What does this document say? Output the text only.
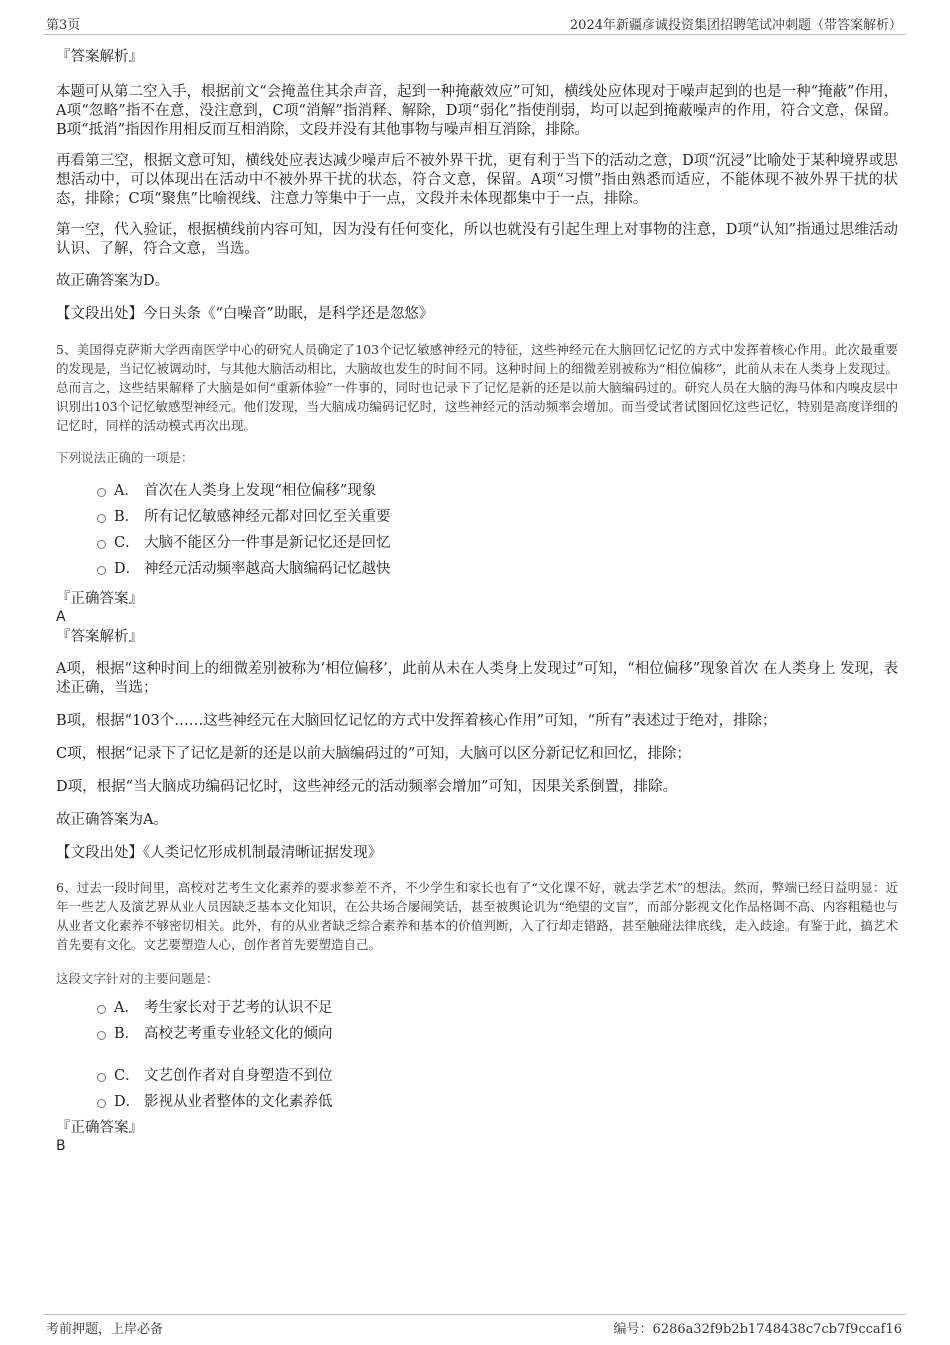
第3页	2024年新疆彦诚投资集团招聘笔试冲刺题（带答案解析）
『答案解析』

本题可从第二空入手，根据前文“会掩盖住其余声音，起到一种掩蔽效应”可知，横线处应体现对于噪声起到的也是一种“掩蔽”作用，A项“忽略”指不在意，没注意到，C项“消解”指消释、解除，D项“弱化”指使削弱，均可以起到掩蔽噪声的作用，符合文意，保留。B项“抵消”指因作用相反而互相消除，文段并没有其他事物与噪声相互消除，排除。

再看第三空，根据文意可知，横线处应表达减少噪声后不被外界干扰，更有利于当下的活动之意，D项“沉浸”比喻处于某种境界或思想活动中，可以体现出在活动中不被外界干扰的状态，符合文意，保留。A项“习惯”指由熟悉而适应，不能体现不被外界干扰的状态，排除；C项“聚焦”比喻视线、注意力等集中于一点，文段并未体现都集中于一点，排除。

第一空，代入验证，根据横线前内容可知，因为没有任何变化，所以也就没有引起生理上对事物的注意，D项“认知”指通过思维活动认识、了解，符合文意，当选。

故正确答案为D。

【文段出处】今日头条《“白噪音”助眠，是科学还是忽悠》

5、美国得克萨斯大学西南医学中心的研究人员确定了103个记忆敏感神经元的特征，这些神经元在大脑回忆记忆的方式中发挥着核心作用。此次最重要的发现是，当记忆被调动时，与其他大脑活动相比，大脑故也发生的时间不同。这种时间上的细微差别被称为“相位偏移”，此前从未在人类身上发现过。总而言之，这些结果解释了大脑是如何“重新体验”一件事的，同时也记录下了记忆是新的还是以前大脑编码过的。研究人员在大脑的海马体和内嗅皮层中识别出103个记忆敏感型神经元。他们发现，当大脑成功编码记忆时，这些神经元的活动频率会增加。而当受试者试图回忆这些记忆，特别是高度详细的记忆时，同样的活动模式再次出现。

下列说法正确的一项是：

A． 首次在人类身上发现“相位偏移”现象
B． 所有记忆敏感神经元都对回忆至关重要
C． 大脑不能区分一件事是新记忆还是回忆
D． 神经元活动频率越高大脑编码记忆越快
『正确答案』
A
『答案解析』

A项，根据“这种时间上的细微差别被称为‘相位偏移’，此前从未在人类身上发现过”可知，“相位偏移”现象首次 在人类身上 发现，表述正确，当选；

B项，根据“103个……这些神经元在大脑回忆记忆的方式中发挥着核心作用”可知，“所有”表述过于绝对，排除；

C项，根据“记录下了记忆是新的还是以前大脑编码过的”可知，大脑可以区分新记忆和回忆，排除；

D项，根据“当大脑成功编码记忆时，这些神经元的活动频率会增加”可知，因果关系倒置，排除。

故正确答案为A。

【文段出处】《人类记忆形成机制最清晰证据发现》

6、过去一段时间里，高校对艺考生文化素养的要求参差不齐，不少学生和家长也有了“文化课不好，就去学艺术”的想法。然而，弊端已经日益明显：近年一些艺人及演艺界从业人员因缺乏基本文化知识，在公共场合屡闹笑话，甚至被舆论讥为“绝望的文盲”，而部分影视文化作品格调不高、内容粗糙也与从业者文化素养不够密切相关。此外，有的从业者缺乏综合素养和基本的价值判断，入了行却走错路，甚至触碰法律底线，走入歧途。有鉴于此，搞艺术首先要有文化。文艺要塑造人心，创作者首先要塑造自己。

这段文字针对的主要问题是：

A． 考生家长对于艺考的认识不足
B． 高校艺考重专业轻文化的倾向
C． 文艺创作者对自身塑造不到位
D． 影视从业者整体的文化素养低
『正确答案』
B
考前押题，上岸必备	编号：6286a32f9b2b1748438c7cb7f9ccaf16
